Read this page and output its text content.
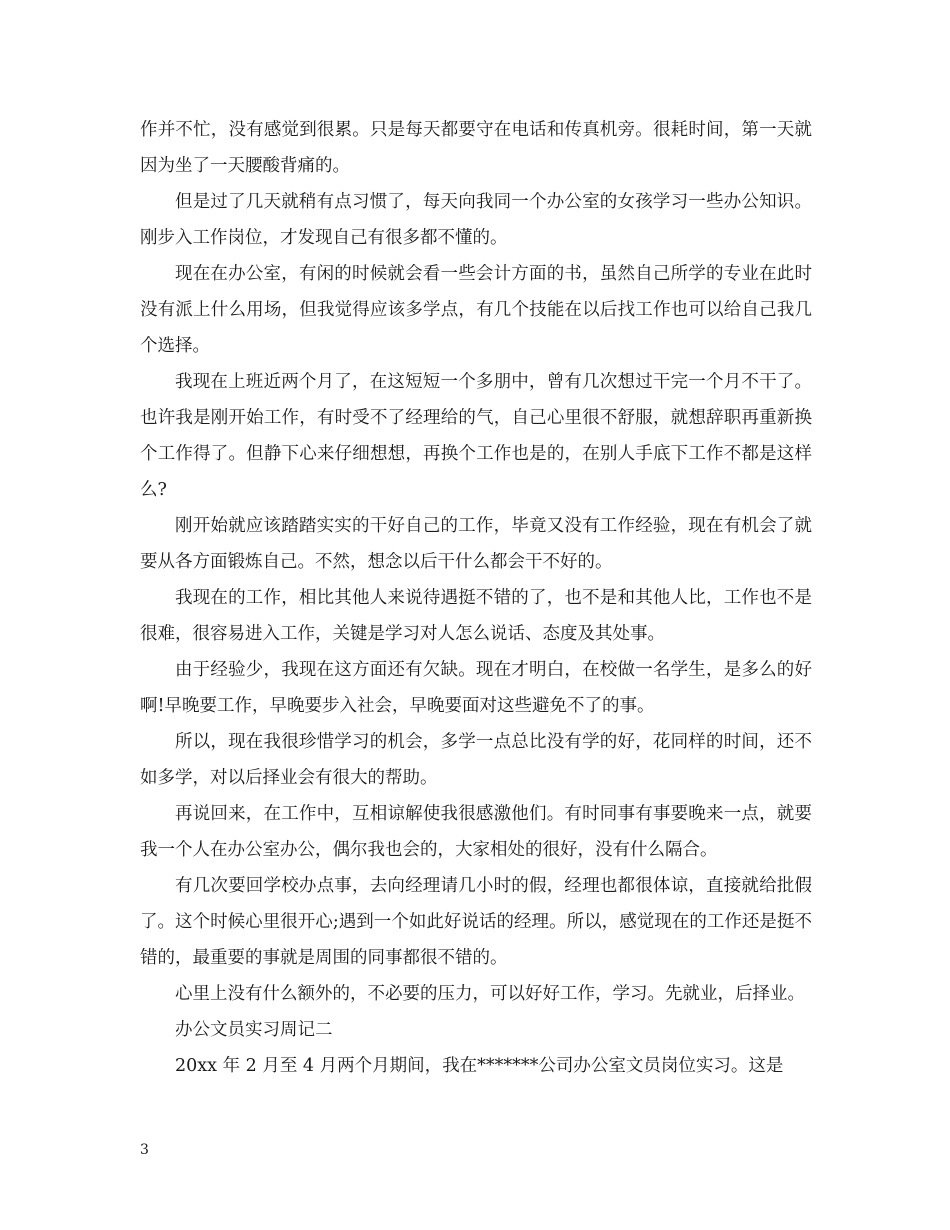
作并不忙，没有感觉到很累。只是每天都要守在电话和传真机旁。很耗时间，第一天就因为坐了一天腰酸背痛的。

但是过了几天就稍有点习惯了，每天向我同一个办公室的女孩学习一些办公知识。刚步入工作岗位，才发现自己有很多都不懂的。

现在在办公室，有闲的时候就会看一些会计方面的书，虽然自己所学的专业在此时没有派上什么用场，但我觉得应该多学点，有几个技能在以后找工作也可以给自己我几个选择。

我现在上班近两个月了，在这短短一个多朋中，曾有几次想过干完一个月不干了。也许我是刚开始工作，有时受不了经理给的气，自己心里很不舒服，就想辞职再重新换个工作得了。但静下心来仔细想想，再换个工作也是的，在别人手底下工作不都是这样么?

刚开始就应该踏踏实实的干好自己的工作，毕竟又没有工作经验，现在有机会了就要从各方面锻炼自己。不然，想念以后干什么都会干不好的。

我现在的工作，相比其他人来说待遇挺不错的了，也不是和其他人比，工作也不是很难，很容易进入工作，关键是学习对人怎么说话、态度及其处事。

由于经验少，我现在这方面还有欠缺。现在才明白，在校做一名学生，是多么的好啊!早晚要工作，早晚要步入社会，早晚要面对这些避免不了的事。

所以，现在我很珍惜学习的机会，多学一点总比没有学的好，花同样的时间，还不如多学，对以后择业会有很大的帮助。

再说回来，在工作中，互相谅解使我很感激他们。有时同事有事要晚来一点，就要我一个人在办公室办公，偶尔我也会的，大家相处的很好，没有什么隔合。

有几次要回学校办点事，去向经理请几小时的假，经理也都很体谅，直接就给批假了。这个时候心里很开心;遇到一个如此好说话的经理。所以，感觉现在的工作还是挺不错的，最重要的事就是周围的同事都很不错的。

心里上没有什么额外的，不必要的压力，可以好好工作，学习。先就业，后择业。

办公文员实习周记二

20xx 年 2 月至 4 月两个月期间，我在*******公司办公室文员岗位实习。这是

3
